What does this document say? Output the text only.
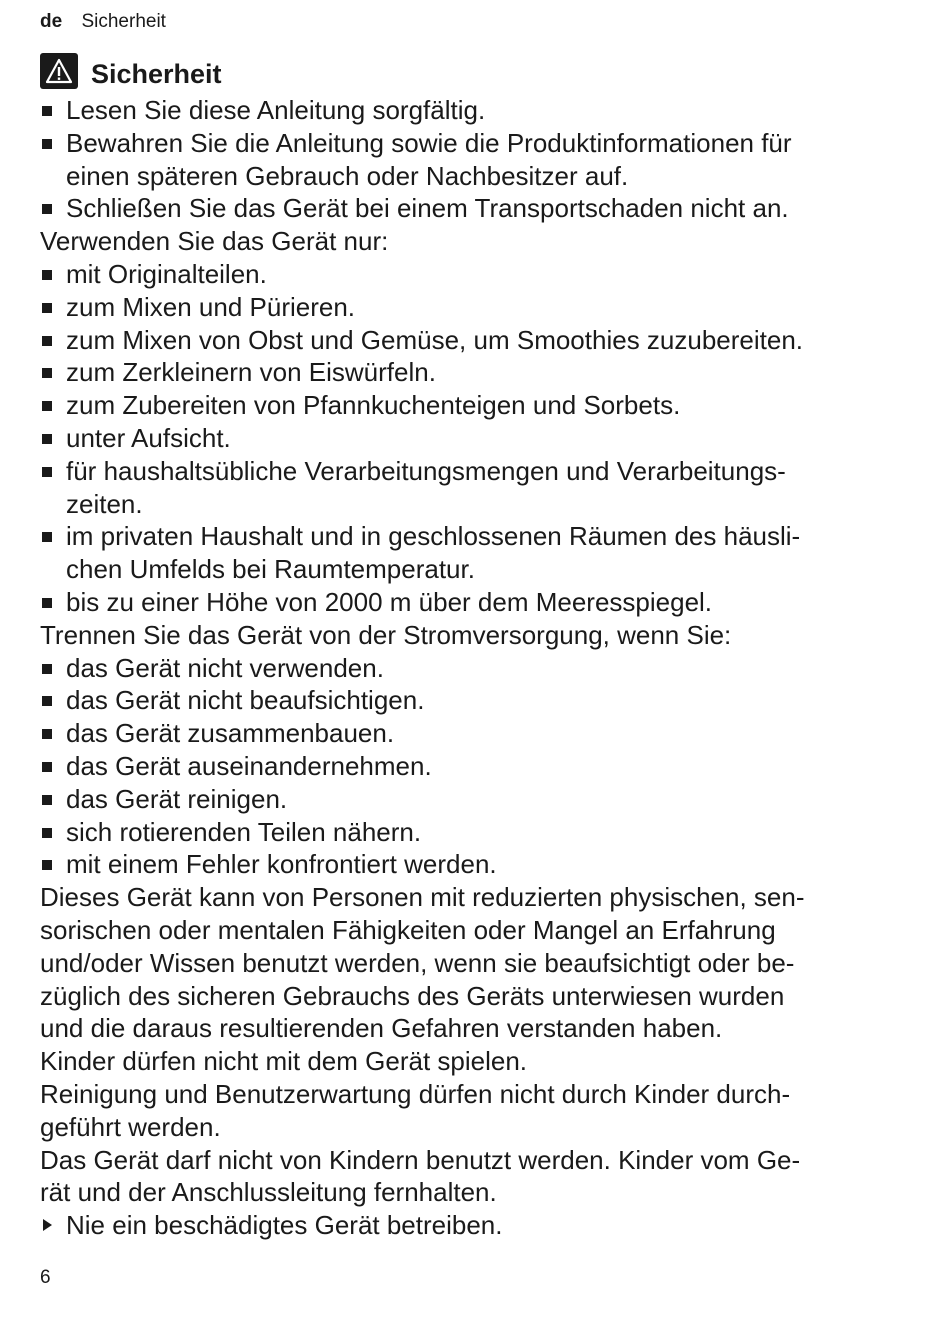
de Sicherheit
Sicherheit
Lesen Sie diese Anleitung sorgfältig.
Bewahren Sie die Anleitung sowie die Produktinformationen für
einen späteren Gebrauch oder Nachbesitzer auf.
Schließen Sie das Gerät bei einem Transportschaden nicht an.
Verwenden Sie das Gerät nur:
mit Originalteilen.
zum Mixen und Pürieren.
zum Mixen von Obst und Gemüse, um Smoothies zuzubereiten.
zum Zerkleinern von Eiswürfeln.
zum Zubereiten von Pfannkuchenteigen und Sorbets.
unter Aufsicht.
für haushaltsübliche Verarbeitungsmengen und Verarbeitungs-
zeiten.
im privaten Haushalt und in geschlossenen Räumen des häusli-
chen Umfelds bei Raumtemperatur.
bis zu einer Höhe von 2000 m über dem Meeresspiegel.
Trennen Sie das Gerät von der Stromversorgung, wenn Sie:
das Gerät nicht verwenden.
das Gerät nicht beaufsichtigen.
das Gerät zusammenbauen.
das Gerät auseinandernehmen.
das Gerät reinigen.
sich rotierenden Teilen nähern.
mit einem Fehler konfrontiert werden.
Dieses Gerät kann von Personen mit reduzierten physischen, sen-
sorischen oder mentalen Fähigkeiten oder Mangel an Erfahrung
und/oder Wissen benutzt werden, wenn sie beaufsichtigt oder be-
züglich des sicheren Gebrauchs des Geräts unterwiesen wurden
und die daraus resultierenden Gefahren verstanden haben.
Kinder dürfen nicht mit dem Gerät spielen.
Reinigung und Benutzerwartung dürfen nicht durch Kinder durch-
geführt werden.
Das Gerät darf nicht von Kindern benutzt werden. Kinder vom Ge-
rät und der Anschlussleitung fernhalten.
Nie ein beschädigtes Gerät betreiben.
6
